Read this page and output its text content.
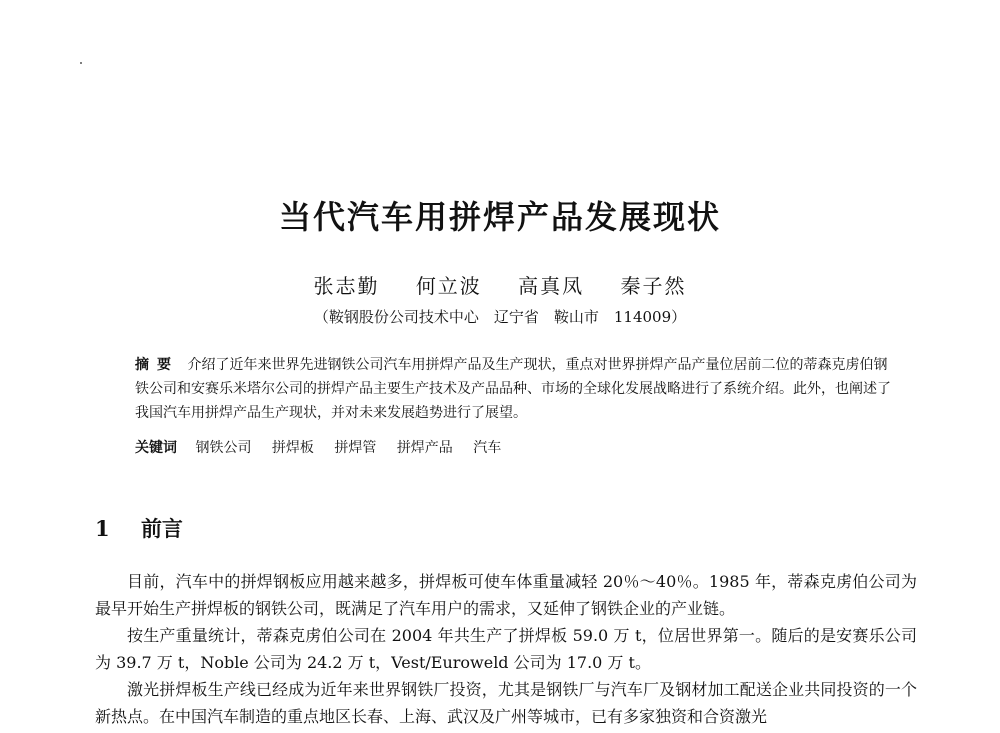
当代汽车用拼焊产品发展现状
张志勤 何立波 高真凤 秦子然
（鞍钢股份公司技术中心　辽宁省　鞍山市　114009）
摘要 介绍了近年来世界先进钢铁公司汽车用拼焊产品及生产现状，重点对世界拼焊产品产量位居前二位的蒂森克虏伯钢铁公司和安赛乐米塔尔公司的拼焊产品主要生产技术及产品品种、市场的全球化发展战略进行了系统介绍。此外，也阐述了我国汽车用拼焊产品生产现状，并对未来发展趋势进行了展望。
关键词 钢铁公司 拼焊板 拼焊管 拼焊产品 汽车
1 前言

目前，汽车中的拼焊钢板应用越来越多，拼焊板可使车体重量减轻 20％～40％。1985 年，蒂森克虏伯公司为最早开始生产拼焊板的钢铁公司，既满足了汽车用户的需求，又延伸了钢铁企业的产业链。

按生产重量统计，蒂森克虏伯公司在 2004 年共生产了拼焊板 59.0 万 t，位居世界第一。随后的是安赛乐公司为 39.7 万 t，Noble 公司为 24.2 万 t，Vest/Euroweld 公司为 17.0 万 t。

激光拼焊板生产线已经成为近年来世界钢铁厂投资，尤其是钢铁厂与汽车厂及钢材加工配送企业共同投资的一个新热点。在中国汽车制造的重点地区长春、上海、武汉及广州等城市，已有多家独资和合资激光
